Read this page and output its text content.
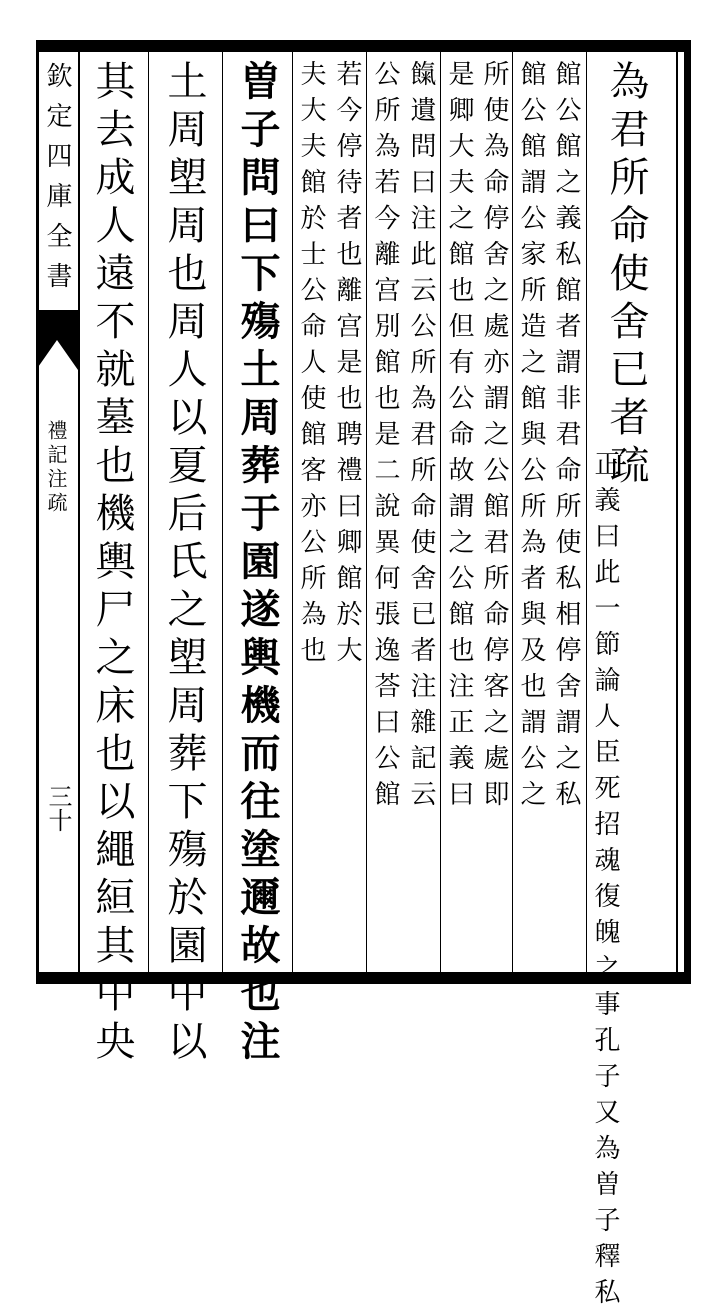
欽定四庫全書
禮記注疏
三十
為君所命使舍已者疏
正義曰此一節論人臣死招魂復魄之事孔子又為曽子釋私
館公館之義私館者謂非君命所使私相停舍謂之私
館公館謂公家所造之館與公所為者與及也謂公之
所使為命停舍之處亦謂之公館君所命停客之處即
是卿大夫之館也但有公命故謂之公館也注正義曰
餼遺問曰注此云公所為君所命使舍已者注雜記云
公所為若今離宫別館也是二說異何張逸荅曰公館
若今停待者也離宫是也聘禮曰卿館於大
夫大夫館於士公命人使館客亦公所為也
曽子問曰下殤土周葬于園遂輿機而往塗邇故也注
土周塱周也周人以夏后氏之塱周葬下殤於園中以
其去成人遠不就墓也機輿尸之床也以繩絙其中央
